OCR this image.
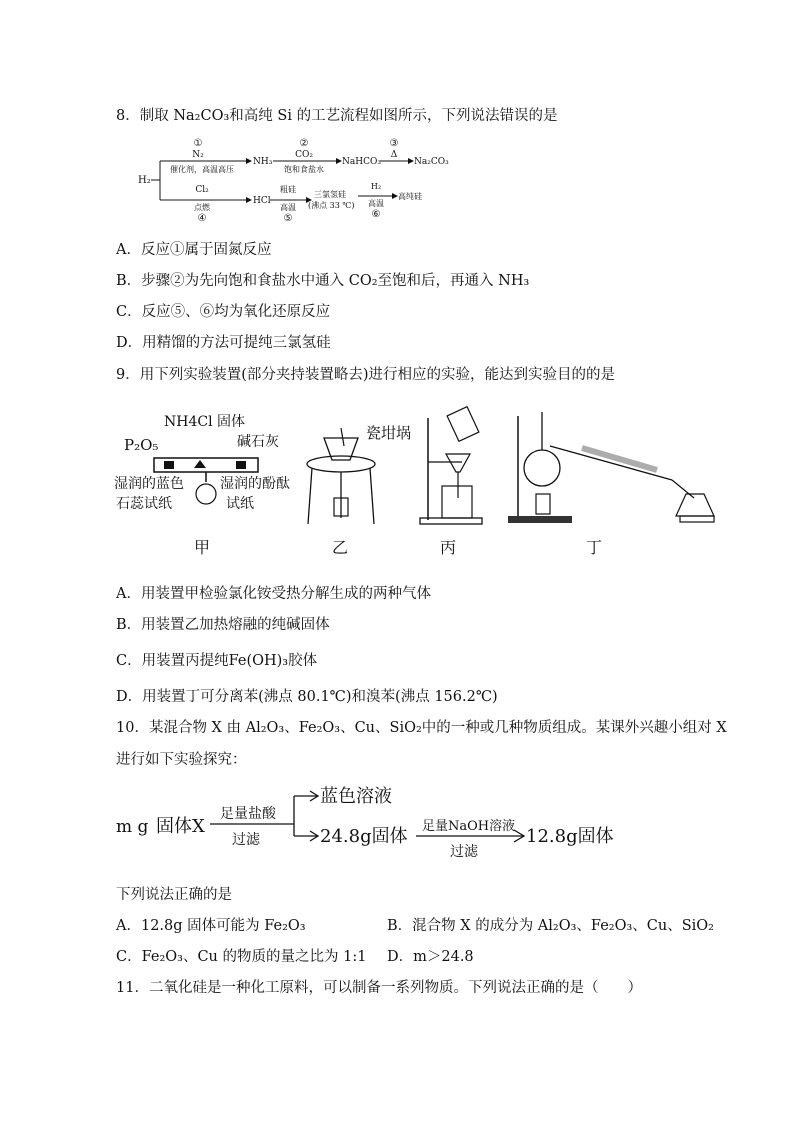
8．制取 Na₂CO₃和高纯 Si 的工艺流程如图所示，下列说法错误的是
H₂
①
N₂
催化剂，高温高压
NH₃
②
CO₂
饱和食盐水
NaHCO₃
③
Δ
Na₂CO₃
Cl₂
点燃
④
HCl
粗硅
高温
⑤
三氯氢硅
(沸点 33 ℃)
H₂
高温
⑥
高纯硅
A．反应①属于固氮反应
B．步骤②为先向饱和食盐水中通入 CO₂至饱和后，再通入 NH₃
C．反应⑤、⑥均为氧化还原反应
D．用精馏的方法可提纯三氯氢硅
9．用下列实验装置(部分夹持装置略去)进行相应的实验，能达到实验目的的是
NH4Cl 固体
P₂O₅	碱石灰
湿润的蓝色
石蕊试纸
湿润的酚酞
试纸
甲
瓷坩埚
乙	丙	丁
A．用装置甲检验氯化铵受热分解生成的两种气体
B．用装置乙加热熔融的纯碱固体
C．用装置丙提纯Fe(OH)₃胶体
D．用装置丁可分离苯(沸点 80.1℃)和溴苯(沸点 156.2℃)
10．某混合物 X 由 Al₂O₃、Fe₂O₃、Cu、SiO₂中的一种或几种物质组成。某课外兴趣小组对 X
进行如下实验探究：
m g 固体X
足量盐酸
过滤
蓝色溶液
24.8g固体 足量NaOH溶液
过滤
12.8g固体
下列说法正确的是
A．12.8g 固体可能为 Fe₂O₃	B．混合物 X 的成分为 Al₂O₃、Fe₂O₃、Cu、SiO₂
C．Fe₂O₃、Cu 的物质的量之比为 1:1 D．m＞24.8
11．二氧化硅是一种化工原料，可以制备一系列物质。下列说法正确的是（　　）
